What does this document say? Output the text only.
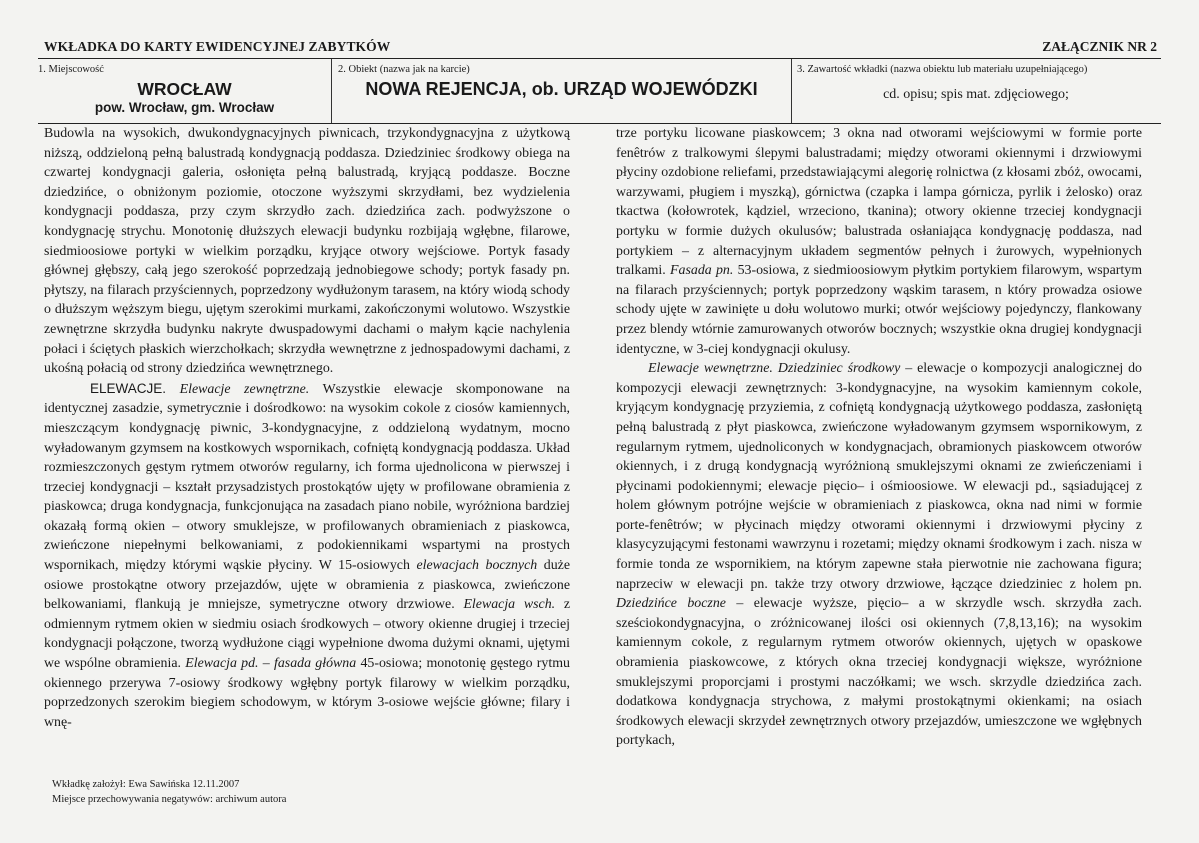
WKŁADKA DO KARTY EWIDENCYJNEJ ZABYTKÓW	ZAŁĄCZNIK NR 2
1. Miejscowość
WROCŁAW
pow. Wrocław, gm. Wrocław
2. Obiekt (nazwa jak na karcie)
NOWA REJENCJA, ob. URZĄD WOJEWÓDZKI
3. Zawartość wkładki (nazwa obiektu lub materiału uzupełniającego)
cd. opisu; spis mat. zdjęciowego;

Budowla na wysokich, dwukondygnacyjnych piwnicach, trzykondygnacyjna z użytkową niższą, oddzieloną pełną balustradą kondygnacją poddasza. Dziedziniec środkowy obiega na czwartej kondygnacji galeria, osłonięta pełną balustradą, kryjącą poddasze. Boczne dziedzińce, o obniżonym poziomie, otoczone wyższymi skrzydłami, bez wydzielenia kondygnacji poddasza, przy czym skrzydło zach. dziedzińca zach. podwyższone o kondygnację strychu. Monotonię dłuższych elewacji budynku rozbijają wgłębne, filarowe, siedmioosiowe portyki w wielkim porządku, kryjące otwory wejściowe. Portyk fasady głównej głębszy, całą jego szerokość poprzedzają jednobiegowe schody; portyk fasady pn. płytszy, na filarach przyściennych, poprzedzony wydłużonym tarasem, na który wiodą schody o dłuższym węższym biegu, ujętym szerokimi murkami, zakończonymi wolutowo. Wszystkie zewnętrzne skrzydła budynku nakryte dwuspadowymi dachami o małym kącie nachylenia połaci i ściętych płaskich wierzchołkach; skrzydła wewnętrzne z jednospadowymi dachami, z ukośną połacią od strony dziedzińca wewnętrznego.

ELEWACJE. Elewacje zewnętrzne. Wszystkie elewacje skomponowane na identycznej zasadzie, symetrycznie i dośrodkowo: na wysokim cokole z ciosów kamiennych, mieszczącym kondygnację piwnic, 3-kondygnacyjne, z oddzieloną wydatnym, mocno wyładowanym gzymsem na kostkowych wspornikach, cofniętą kondygnacją poddasza. Układ rozmieszczonych gęstym rytmem otworów regularny, ich forma ujednolicona w pierwszej i trzeciej kondygnacji – kształt przysadzistych prostokątów ujęty w profilowane obramienia z piaskowca; druga kondygnacja, funkcjonująca na zasadach piano nobile, wyróżniona bardziej okazałą formą okien – otwory smuklejsze, w profilowanych obramieniach z piaskowca, zwieńczone niepełnymi belkowaniami, z podokiennikami wspartymi na prostych wspornikach, między którymi wąskie płyciny. W 15-osiowych elewacjach bocznych duże osiowe prostokątne otwory przejazdów, ujęte w obramienia z piaskowca, zwieńczone belkowaniami, flankują je mniejsze, symetryczne otwory drzwiowe. Elewacja wsch. z odmiennym rytmem okien w siedmiu osiach środkowych – otwory okienne drugiej i trzeciej kondygnacji połączone, tworzą wydłużone ciągi wypełnione dwoma dużymi oknami, ujętymi we wspólne obramienia. Elewacja pd. – fasada główna 45-osiowa; monotonię gęstego rytmu okiennego przerywa 7-osiowy środkowy wgłębny portyk filarowy w wielkim porządku, poprzedzonych szerokim biegiem schodowym, w którym 3-osiowe wejście główne; filary i wnę-

trze portyku licowane piaskowcem; 3 okna nad otworami wejściowymi w formie porte fenêtrów z tralkowymi ślepymi balustradami; między otworami okiennymi i drzwiowymi płyciny ozdobione reliefami, przedstawiającymi alegorię rolnictwa (z kłosami zbóż, owocami, warzywami, pługiem i myszką), górnictwa (czapka i lampa górnicza, pyrlik i żelosko) oraz tkactwa (kołowrotek, kądziel, wrzeciono, tkanina); otwory okienne trzeciej kondygnacji portyku w formie dużych okulusów; balustrada osłaniająca kondygnację poddasza, nad portykiem – z alternacyjnym układem segmentów pełnych i żurowych, wypełnionych tralkami. Fasada pn. 53-osiowa, z siedmioosiowym płytkim portykiem filarowym, wspartym na filarach przyściennych; portyk poprzedzony wąskim tarasem, n który prowadza osiowe schody ujęte w zawinięte u dołu wolutowo murki; otwór wejściowy pojedynczy, flankowany przez blendy wtórnie zamurowanych otworów bocznych; wszystkie okna drugiej kondygnacji identyczne, w 3-ciej kondygnacji okulusy.

Elewacje wewnętrzne. Dziedziniec środkowy – elewacje o kompozycji analogicznej do kompozycji elewacji zewnętrznych: 3-kondygnacyjne, na wysokim kamiennym cokole, kryjącym kondygnację przyziemia, z cofniętą kondygnacją użytkowego poddasza, zasłoniętą pełną balustradą z płyt piaskowca, zwieńczone wyładowanym gzymsem wspornikowym, z regularnym rytmem, ujednoliconych w kondygnacjach, obramionych piaskowcem otworów okiennych, i z drugą kondygnacją wyróżnioną smuklejszymi oknami ze zwieńczeniami i płycinami podokiennymi; elewacje pięcio– i ośmioosiowe. W elewacji pd., sąsiadującej z holem głównym potrójne wejście w obramieniach z piaskowca, okna nad nimi w formie porte-fenêtrów; w płycinach między otworami okiennymi i drzwiowymi płyciny z klasycyzującymi festonami wawrzynu i rozetami; między oknami środkowym i zach. nisza w formie tonda ze wspornikiem, na którym zapewne stała pierwotnie nie zachowana figura; naprzeciw w elewacji pn. także trzy otwory drzwiowe, łączące dziedziniec z holem pn. Dziedzińce boczne – elewacje wyższe, pięcio– a w skrzydle wsch. skrzydła zach. sześciokondygnacyjna, o zróżnicowanej ilości osi okiennych (7,8,13,16); na wysokim kamiennym cokole, z regularnym rytmem otworów okiennych, ujętych w opaskowe obramienia piaskowcowe, z których okna trzeciej kondygnacji większe, wyróżnione smuklejszymi proporcjami i prostymi naczółkami; we wsch. skrzydle dziedzińca zach. dodatkowa kondygnacja strychowa, z małymi prostokątnymi okienkami; na osiach środkowych elewacji skrzydeł zewnętrznych otwory przejazdów, umieszczone we wgłębnych portykach,

Wkładkę założył: Ewa Sawińska 12.11.2007
Miejsce przechowywania negatywów: archiwum autora
